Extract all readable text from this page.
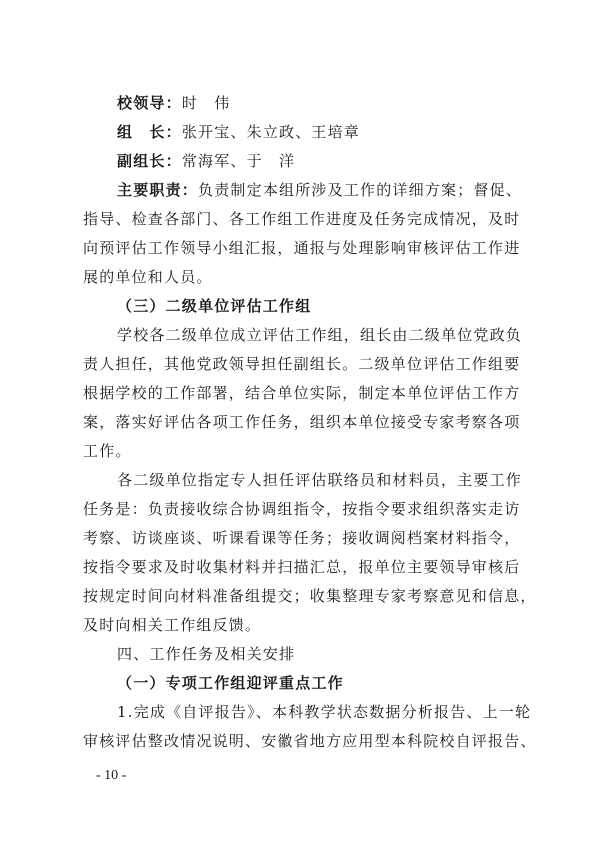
校领导：时　伟
组　长：张开宝、朱立政、王培章
副组长：常海军、于　洋
主要职责：负责制定本组所涉及工作的详细方案；督促、
指导、检查各部门、各工作组工作进度及任务完成情况，及时
向预评估工作领导小组汇报，通报与处理影响审核评估工作进
展的单位和人员。
（三）二级单位评估工作组
学校各二级单位成立评估工作组，组长由二级单位党政负
责人担任，其他党政领导担任副组长。二级单位评估工作组要
根据学校的工作部署，结合单位实际，制定本单位评估工作方
案，落实好评估各项工作任务，组织本单位接受专家考察各项
工作。
各二级单位指定专人担任评估联络员和材料员，主要工作
任务是：负责接收综合协调组指令，按指令要求组织落实走访
考察、访谈座谈、听课看课等任务；接收调阅档案材料指令，
按指令要求及时收集材料并扫描汇总，报单位主要领导审核后
按规定时间向材料准备组提交；收集整理专家考察意见和信息，
及时向相关工作组反馈。
四、工作任务及相关安排
（一）专项工作组迎评重点工作
1.完成《自评报告》、本科教学状态数据分析报告、上一轮
审核评估整改情况说明、安徽省地方应用型本科院校自评报告、
- 10 -
